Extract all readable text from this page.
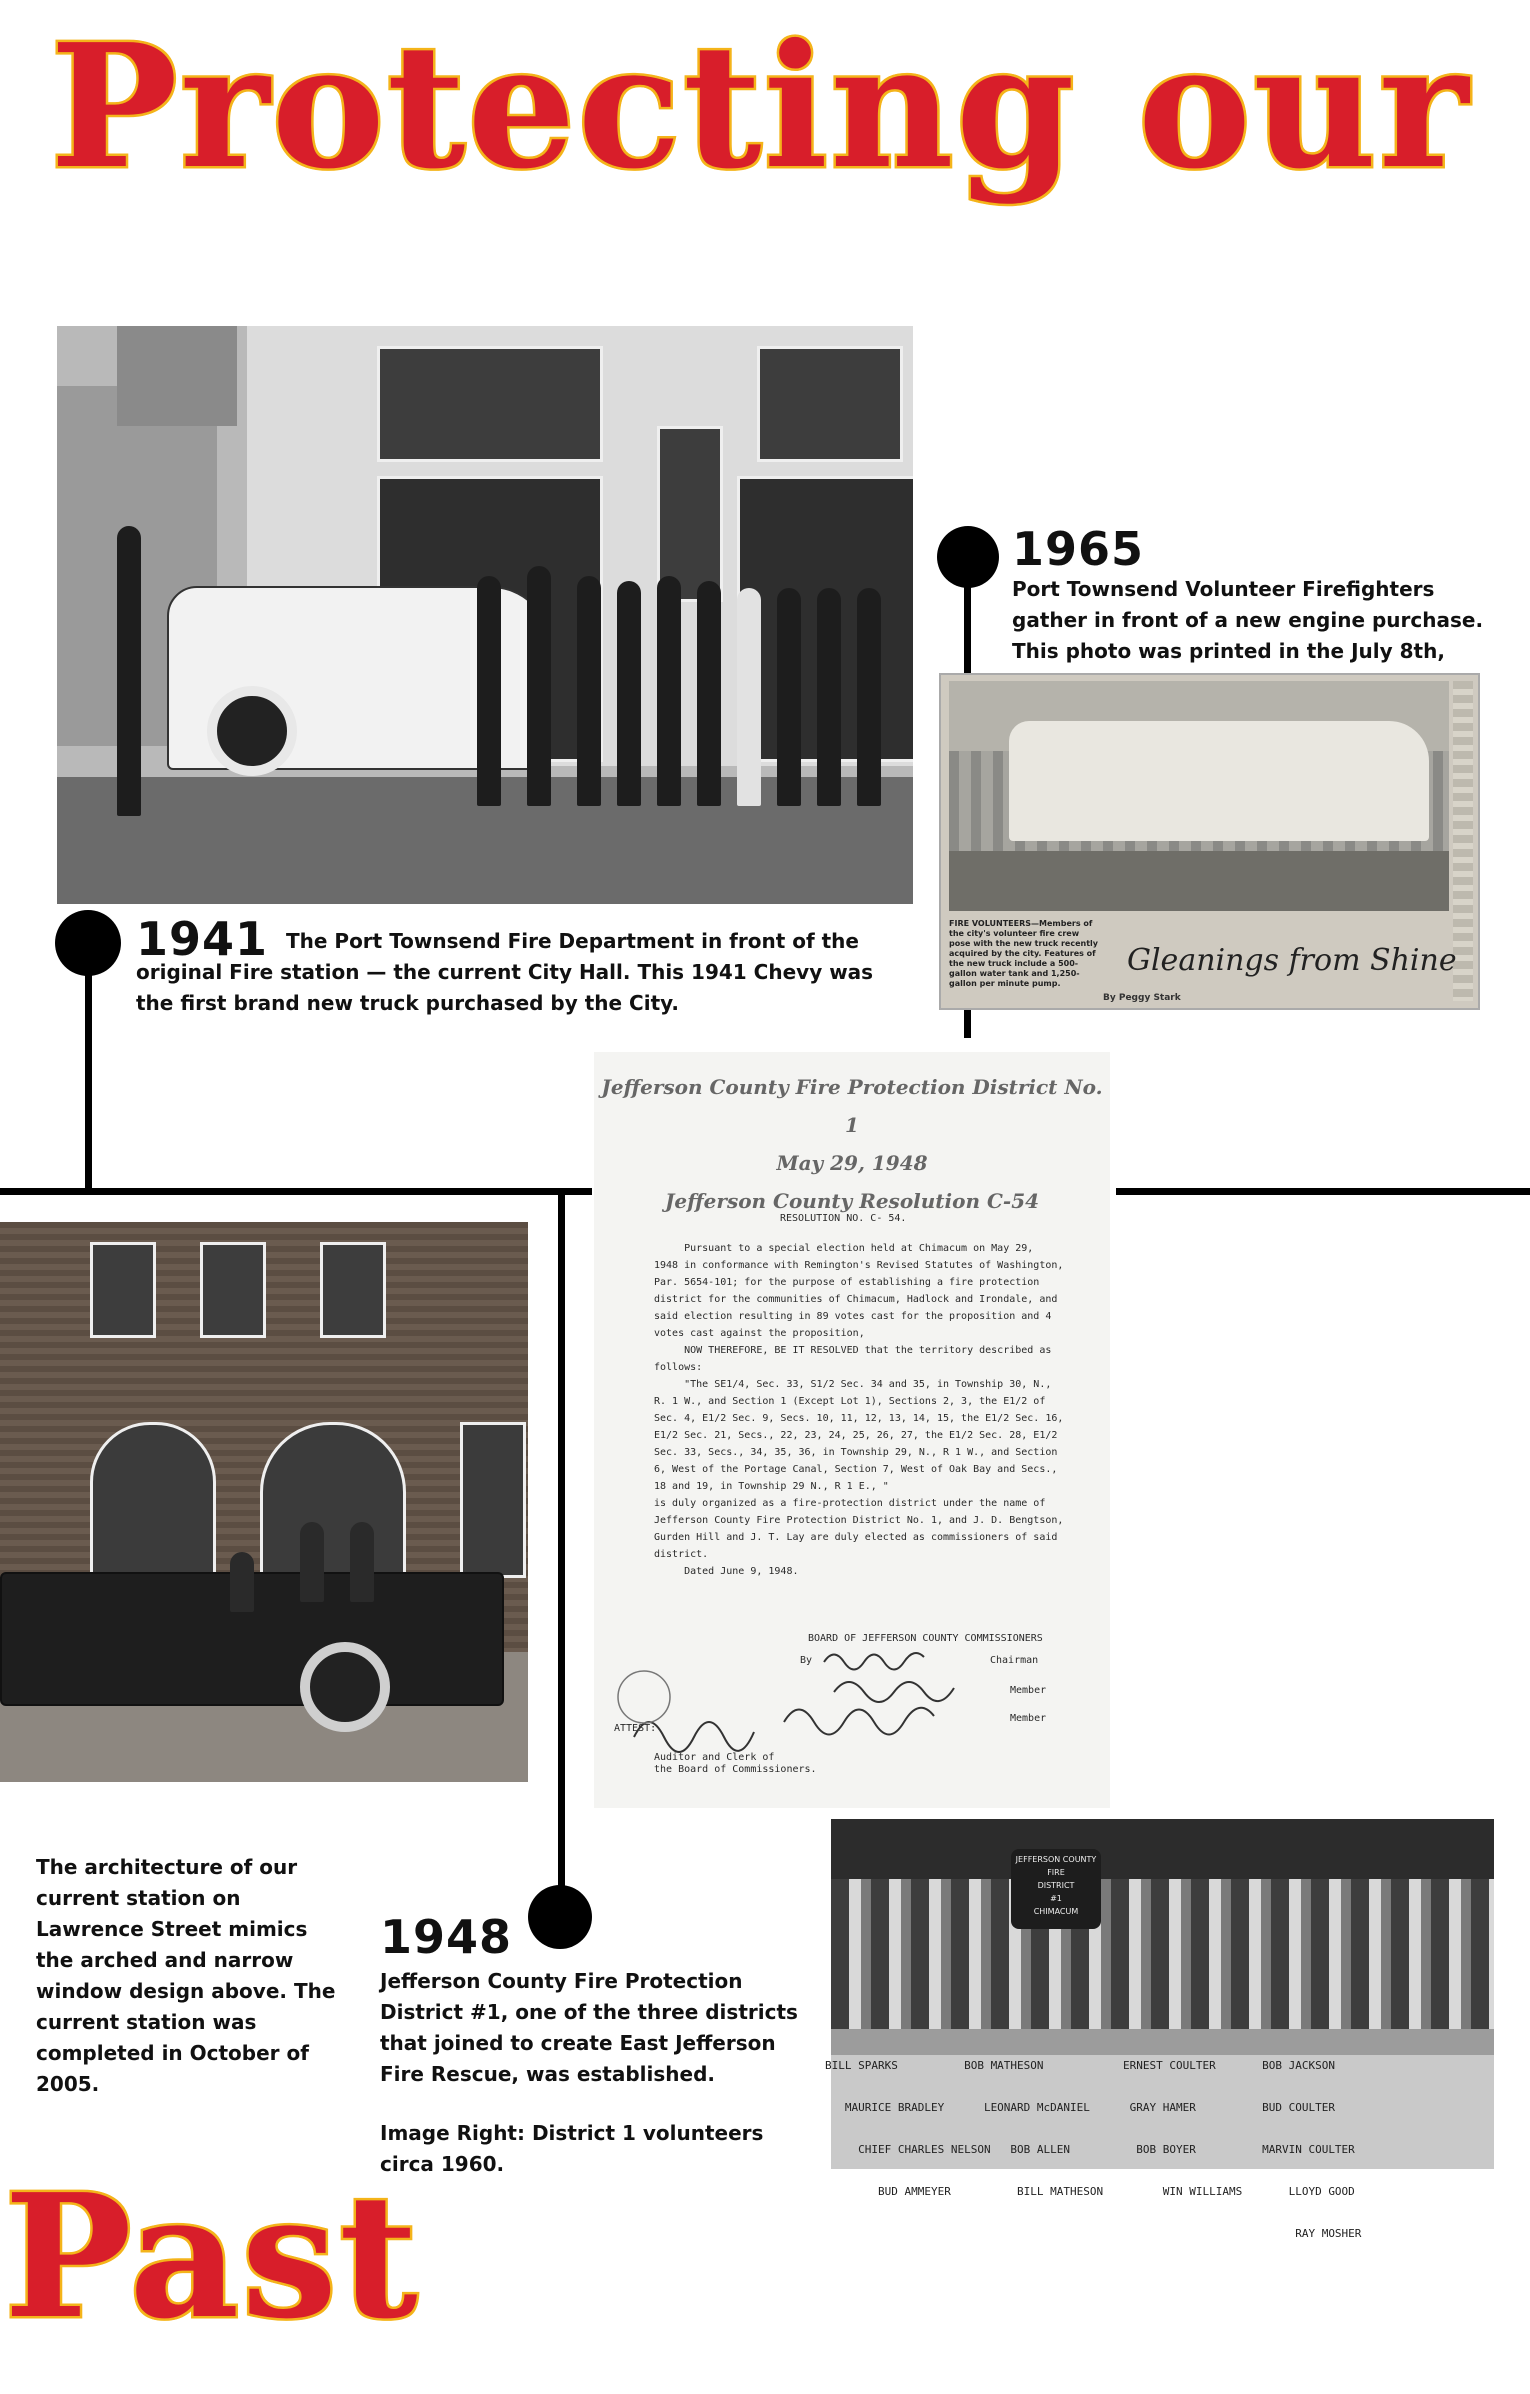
Protecting our
1941 The Port Townsend Fire Department in front of the original Fire station — the current City Hall. This 1941 Chevy was the first brand new truck purchased by the City.
1965
Port Townsend Volunteer Firefighters gather in front of a new engine purchase. This photo was printed in the July 8th,
FIRE VOLUNTEERS—Members of the city's volunteer fire crew pose with the new truck recently acquired by the city. Features of the new truck include a 500-gallon water tank and 1,250-gallon per minute pump.
Gleanings from Shine
By Peggy Stark
Jefferson County Fire Protection District No. 1
May 29, 1948
Jefferson County Resolution C-54
RESOLUTION NO. C- 54.
Pursuant to a special election held at Chimacum on May 29,
1948 in conformance with Remington's Revised Statutes of Washington,
Par. 5654-101; for the purpose of establishing a fire protection
district for the communities of Chimacum, Hadlock and Irondale, and
said election resulting in 89 votes cast for the proposition and 4
votes cast against the proposition,
NOW THEREFORE, BE IT RESOLVED that the territory described as
follows:
"The SE1/4, Sec. 33, S1/2 Sec. 34 and 35, in Township 30, N.,
R. 1 W., and Section 1 (Except Lot 1), Sections 2, 3, the E1/2 of
Sec. 4, E1/2 Sec. 9, Secs. 10, 11, 12, 13, 14, 15, the E1/2 Sec. 16,
E1/2 Sec. 21, Secs., 22, 23, 24, 25, 26, 27, the E1/2 Sec. 28, E1/2
Sec. 33, Secs., 34, 35, 36, in Township 29, N., R 1 W., and Section
6, West of the Portage Canal, Section 7, West of Oak Bay and Secs.,
18 and 19, in Township 29 N., R 1 E., "
is duly organized as a fire-protection district under the name of
Jefferson County Fire Protection District No. 1, and J. D. Bengtson,
Gurden Hill and J. T. Lay are duly elected as commissioners of said
district.
Dated June 9, 1948.
BOARD OF JEFFERSON COUNTY COMMISSIONERS
By	Chairman
Member
Member
ATTEST:
Auditor and Clerk of
the Board of Commissioners.
JEFFERSON COUNTY
FIRE
DISTRICT
#1
CHIMACUM

BILL SPARKS          BOB MATHESON            ERNEST COULTER       BOB JACKSON

MAURICE BRADLEY      LEONARD McDANIEL      GRAY HAMER          BUD COULTER

CHIEF CHARLES NELSON   BOB ALLEN          BOB BOYER          MARVIN COULTER

BUD AMMEYER          BILL MATHESON         WIN WILLIAMS       LLOYD GOOD

RAY MOSHER

The architecture of our current station on Lawrence Street mimics the arched and narrow window design above. The current station was completed in October of 2005.
1948
Jefferson County Fire Protection District #1, one of the three districts that joined to create East Jefferson Fire Rescue, was established.
Image Right: District 1 volunteers circa 1960.
Past
